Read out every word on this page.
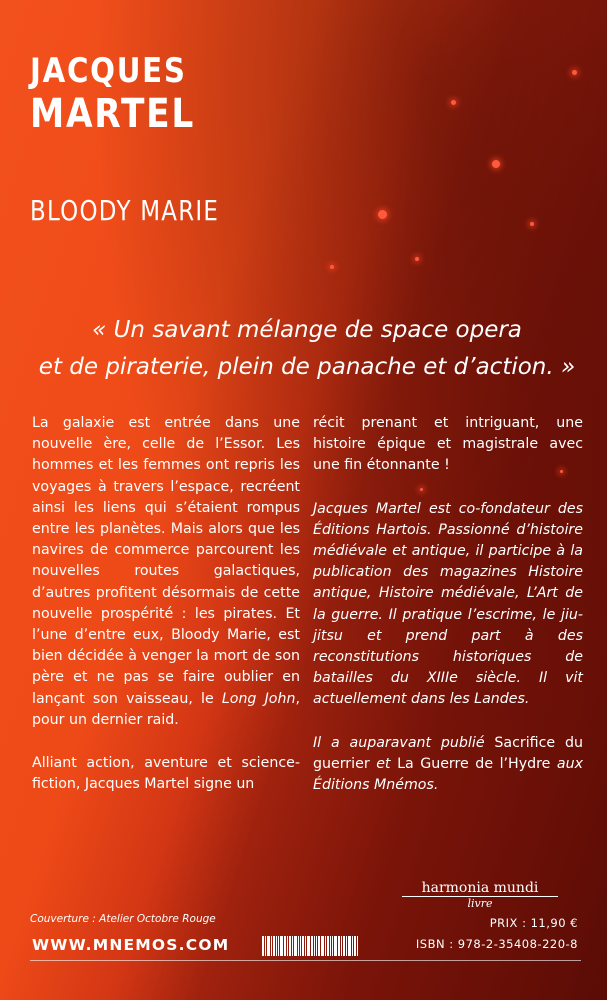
JACQUES
MARTEL
BLOODY MARIE
« Un savant mélange de space opera
et de piraterie, plein de panache et d’action. »

La galaxie est entrée dans une nouvelle ère, celle de l’Essor. Les hommes et les femmes ont repris les voyages à travers l’espace, recréent ainsi les liens qui s’étaient rompus entre les planètes. Mais alors que les navires de commerce parcourent les nouvelles routes galactiques, d’autres profitent désormais de cette nouvelle prospérité : les pirates. Et l’une d’entre eux, Bloody Marie, est bien décidée à venger la mort de son père et ne pas se faire oublier en lançant son vaisseau, le Long John, pour un dernier raid.

Alliant action, aventure et science-fiction, Jacques Martel signe un

récit prenant et intriguant, une histoire épique et magistrale avec une fin étonnante !

Jacques Martel est co-fondateur des Éditions Hartois. Passionné d’histoire médiévale et antique, il participe à la publication des magazines Histoire antique, Histoire médiévale, L’Art de la guerre. Il pratique l’escrime, le jiu-jitsu et prend part à des reconstitutions historiques de batailles du XIIIe siècle. Il vit actuellement dans les Landes.

Il a auparavant publié Sacrifice du guerrier et La Guerre de l’Hydre aux Éditions Mnémos.

harmonia mundi
livre
Couverture : Atelier Octobre Rouge	PRIX : 11,90 €
WWW.MNEMOS.COM	ISBN : 978-2-35408-220-8
